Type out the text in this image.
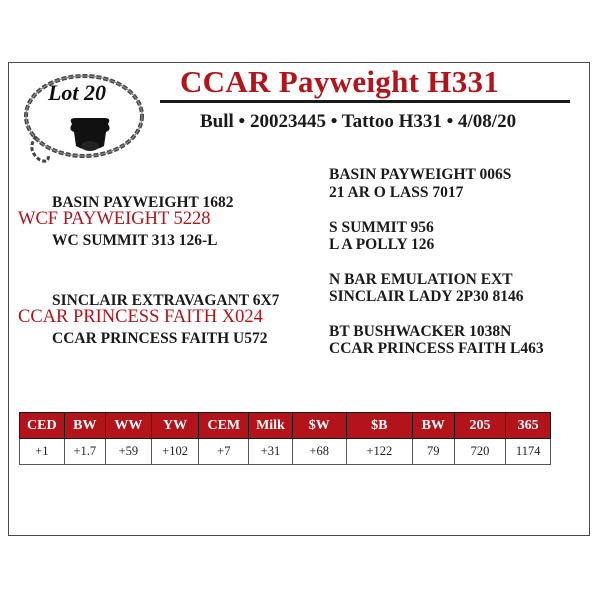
Lot 20	CCAR Payweight H331
Bull • 20023445 • Tattoo H331 • 4/08/20
BASIN PAYWEIGHT 1682
WCF PAYWEIGHT 5228
WC SUMMIT 313 126-L
SINCLAIR EXTRAVAGANT 6X7
CCAR PRINCESS FAITH X024
CCAR PRINCESS FAITH U572
BASIN PAYWEIGHT 006S
21 AR O LASS 7017
S SUMMIT 956
L A POLLY 126
N BAR EMULATION EXT
SINCLAIR LADY 2P30 8146
BT BUSHWACKER 1038N
CCAR PRINCESS FAITH L463
CED	BW	WW	YW	CEM	Milk	$W	$B	BW	205	365
+1	+1.7	+59	+102	+7	+31	+68	+122	79	720	1174
